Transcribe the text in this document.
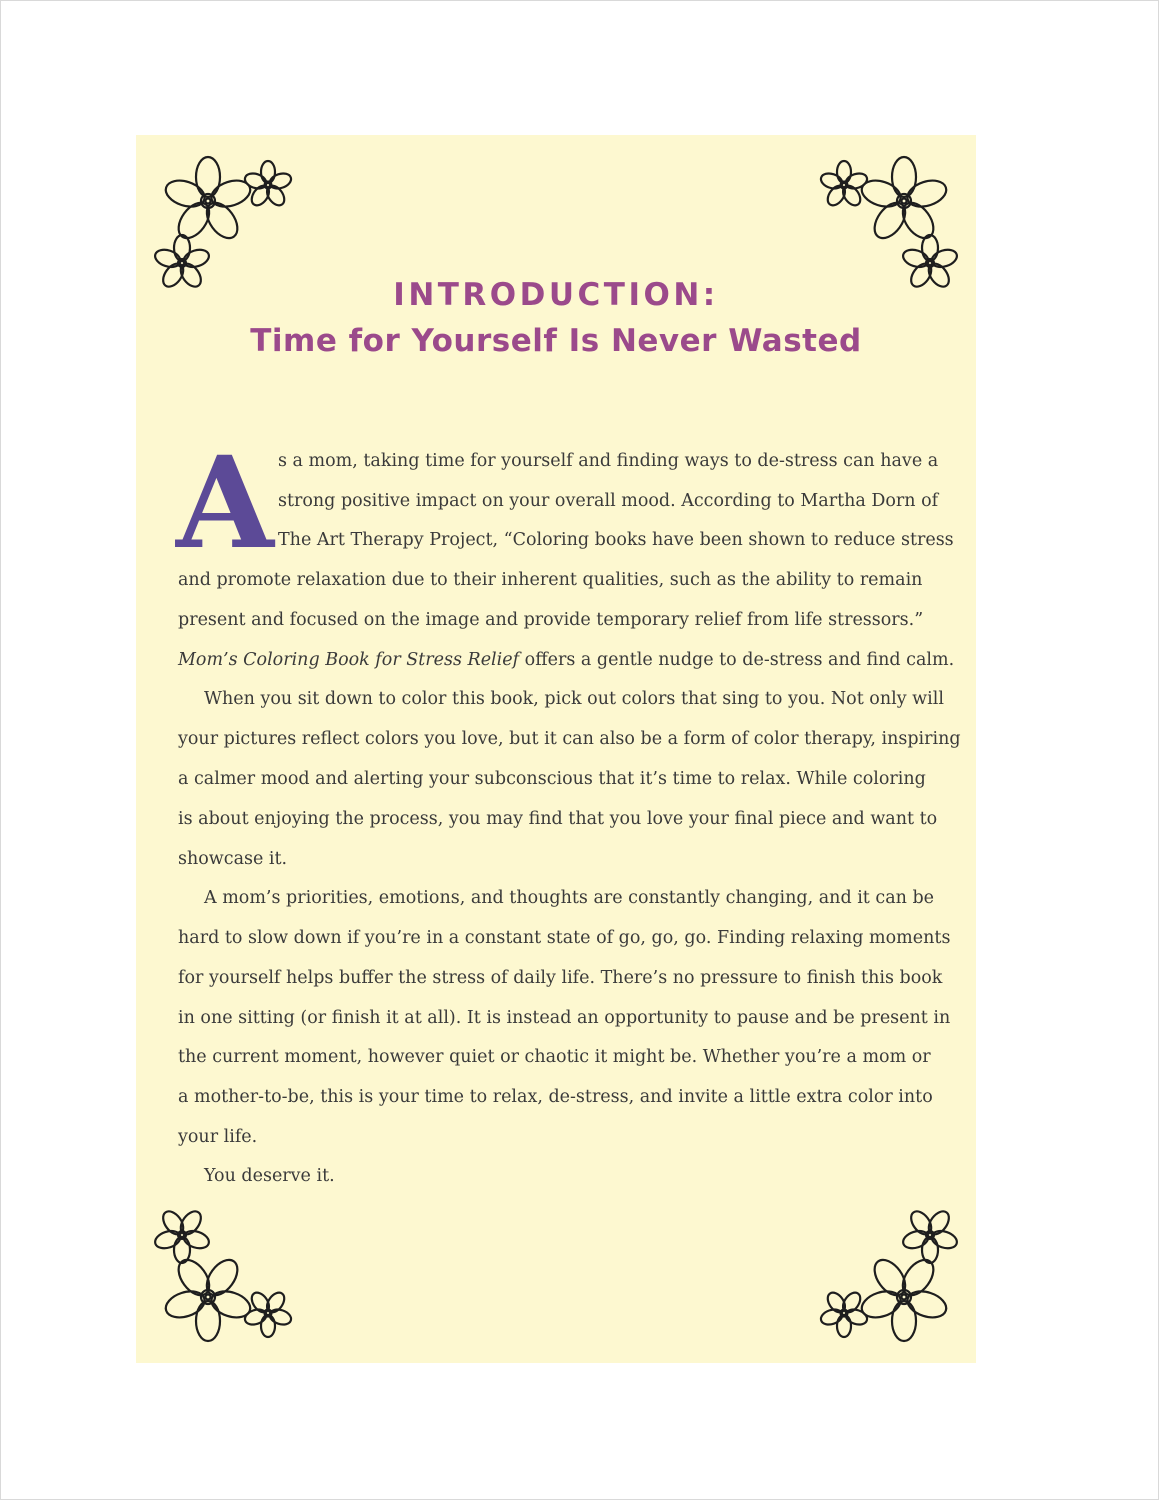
INTRODUCTION:
Time for Yourself Is Never Wasted
A s a mom, taking time for yourself and finding ways to de-stress can have a
strong positive impact on your overall mood. According to Martha Dorn of
The Art Therapy Project, “Coloring books have been shown to reduce stress
and promote relaxation due to their inherent qualities, such as the ability to remain
present and focused on the image and provide temporary relief from life stressors.”
Mom’s Coloring Book for Stress Relief offers a gentle nudge to de-stress and find calm.
When you sit down to color this book, pick out colors that sing to you. Not only will
your pictures reflect colors you love, but it can also be a form of color therapy, inspiring
a calmer mood and alerting your subconscious that it’s time to relax. While coloring
is about enjoying the process, you may find that you love your final piece and want to
showcase it.
A mom’s priorities, emotions, and thoughts are constantly changing, and it can be
hard to slow down if you’re in a constant state of go, go, go. Finding relaxing moments
for yourself helps buffer the stress of daily life. There’s no pressure to finish this book
in one sitting (or finish it at all). It is instead an opportunity to pause and be present in
the current moment, however quiet or chaotic it might be. Whether you’re a mom or
a mother-to-be, this is your time to relax, de-stress, and invite a little extra color into
your life.
You deserve it.
